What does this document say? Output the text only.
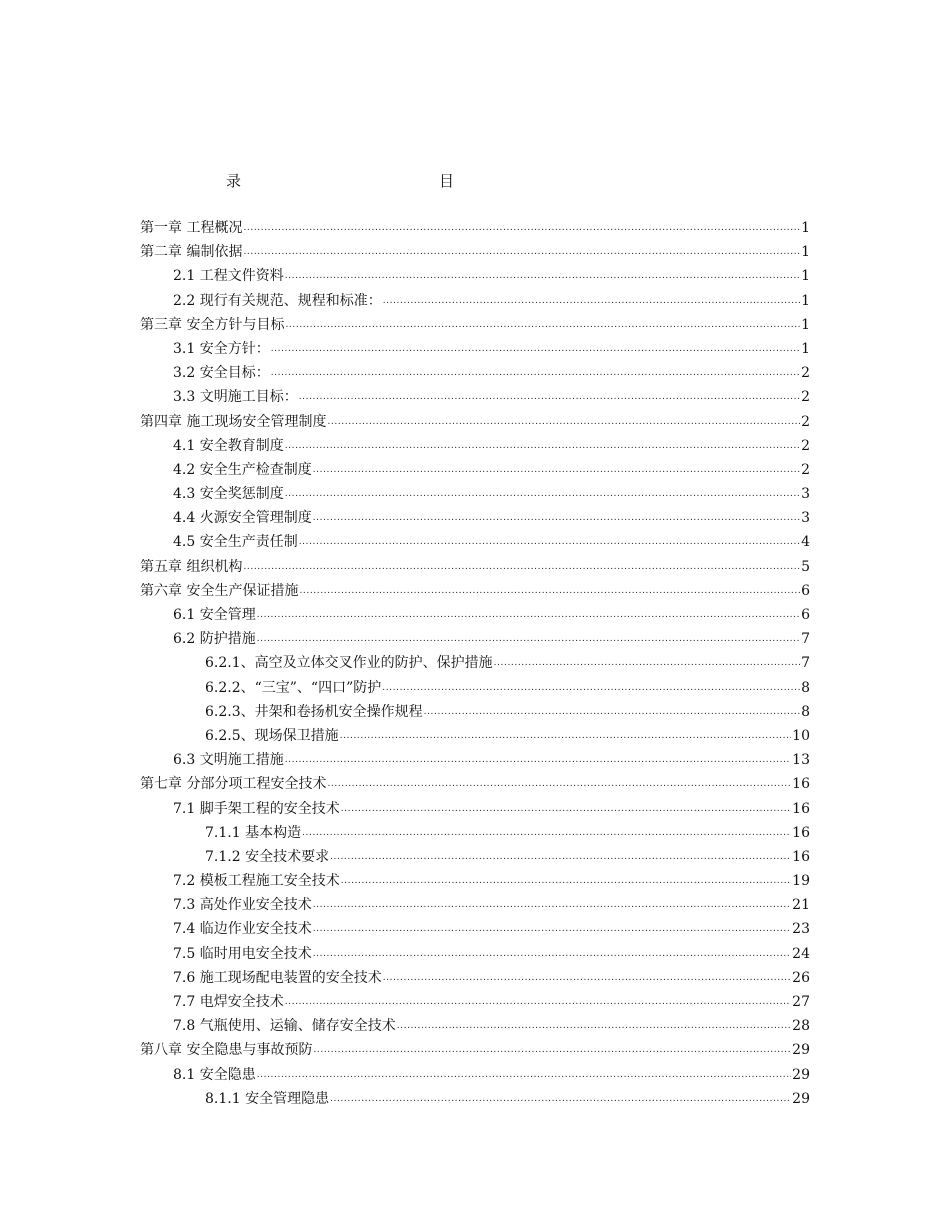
目录
第一章 工程概况 .....	1
第二章 编制依据 .....	1
2.1 工程文件资料 .....	1
2.2 现行有关规范、规程和标准： .....	1
第三章 安全方针与目标 .....	1
3.1 安全方针： .....	1
3.2 安全目标： .....	2
3.3 文明施工目标： .....	2
第四章 施工现场安全管理制度 .....	2
4.1 安全教育制度 .....	2
4.2 安全生产检查制度 .....	2
4.3 安全奖惩制度 .....	3
4.4 火源安全管理制度 .....	3
4.5 安全生产责任制 .....	4
第五章 组织机构 .....	5
第六章 安全生产保证措施 .....	6
6.1 安全管理 .....	6
6.2 防护措施 .....	7
6.2.1、高空及立体交叉作业的防护、保护措施 .....	7
6.2.2、“三宝”、“四口”防护 .....	8
6.2.3、井架和卷扬机安全操作规程 .....	8
6.2.5、现场保卫措施 .....	10
6.3 文明施工措施 .....	13
第七章 分部分项工程安全技术 .....	16
7.1 脚手架工程的安全技术 .....	16
7.1.1 基本构造 .....	16
7.1.2 安全技术要求 .....	16
7.2 模板工程施工安全技术 .....	19
7.3 高处作业安全技术 .....	21
7.4 临边作业安全技术 .....	23
7.5 临时用电安全技术 .....	24
7.6 施工现场配电装置的安全技术 .....	26
7.7 电焊安全技术 .....	27
7.8 气瓶使用、运输、储存安全技术 .....	28
第八章 安全隐患与事故预防 .....	29
8.1 安全隐患 .....	29
8.1.1 安全管理隐患 .....	29
